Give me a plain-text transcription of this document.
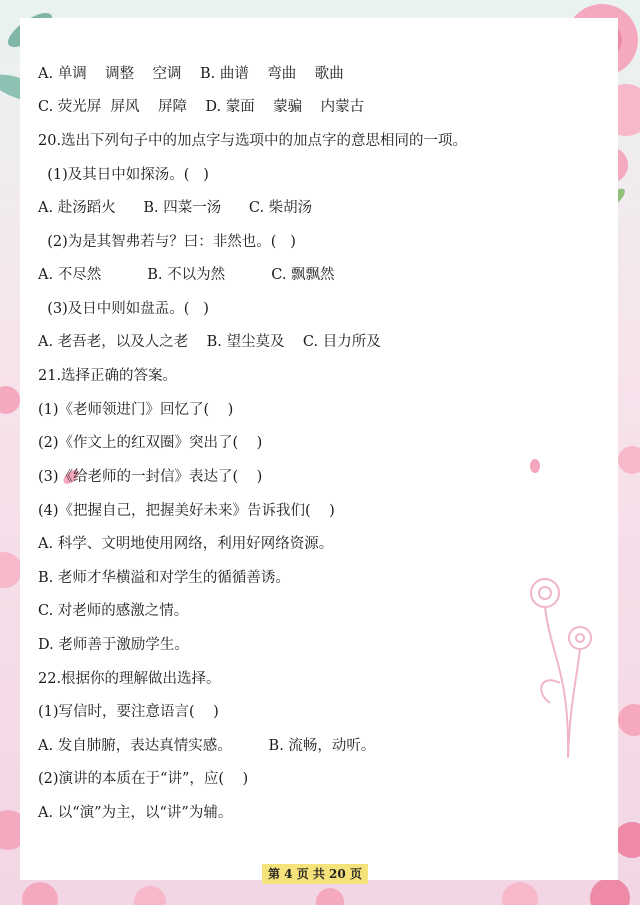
A. 单调    调整    空调    B. 曲谱    弯曲    歌曲
C. 荧光屏  屏风    屏障    D. 蒙面    蒙骗    内蒙古
20.选出下列句子中的加点字与选项中的加点字的意思相同的一项。
(1)及其日中如探汤。(   )
A. 赴汤蹈火      B. 四菜一汤      C. 柴胡汤
(2)为是其智弗若与？曰：非然也。(   )
A. 不尽然          B. 不以为然          C. 飘飘然
(3)及日中则如盘盂。(   )
A. 老吾老，以及人之老    B. 望尘莫及    C. 目力所及
21.选择正确的答案。
(1)《老师领进门》回忆了(    )
(2)《作文上的红双圈》突出了(    )
(3)《给老师的一封信》表达了(    )
(4)《把握自己，把握美好未来》告诉我们(    )
A. 科学、文明地使用网络，利用好网络资源。
B. 老师才华横溢和对学生的循循善诱。
C. 对老师的感激之情。
D. 老师善于激励学生。
22.根据你的理解做出选择。
(1)写信时，要注意语言(    )
A. 发自肺腑，表达真情实感。        B. 流畅，动听。
(2)演讲的本质在于“讲”，应(    )
A. 以“演”为主，以“讲”为辅。
第 4 页 共 20 页
